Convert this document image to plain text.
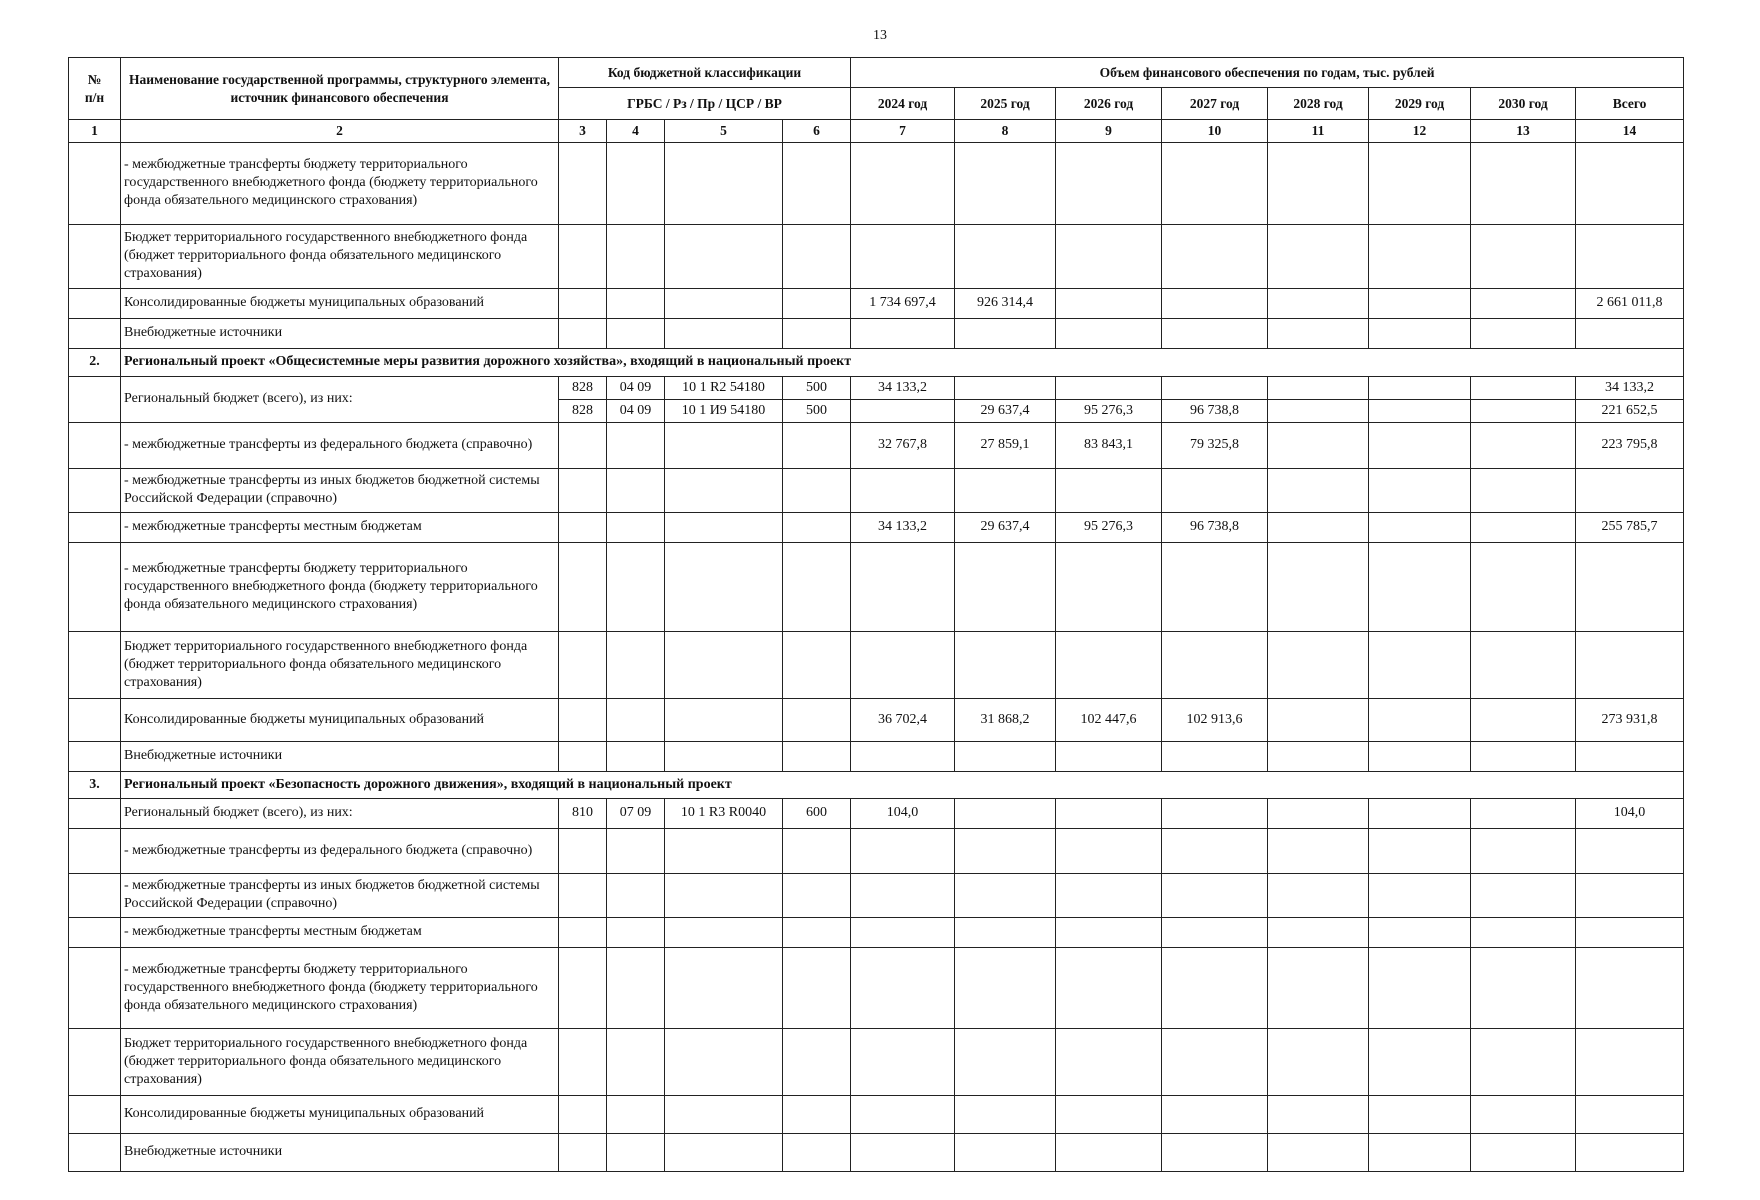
13
№
п/н	Наименование государственной программы, структурного элемента, источник финансового обеспечения	Код бюджетной классификации				Объем финансового обеспечения по годам, тыс. рублей							
		ГРБС / Рз / Пр / ЦСР / ВР				2024 год	2025 год	2026 год	2027 год	2028 год	2029 год	2030 год	Всего
1	2	3	4	5	6	7	8	9	10	11	12	13	14
	- межбюджетные трансферты бюджету территориального государственного внебюджетного фонда (бюджету территориального фонда обязательного медицинского страхования)												
	Бюджет территориального государственного внебюджетного фонда (бюджет территориального фонда обязательного медицинского страхования)												
	Консолидированные бюджеты муниципальных образований					1 734 697,4	926 314,4						2 661 011,8
	Внебюджетные источники												
2.	Региональный проект «Общесистемные меры развития дорожного хозяйства», входящий в национальный проект												
	Региональный бюджет (всего), из них:	828	04 09	10 1 R2 54180	500	34 133,2							34 133,2
		828	04 09	10 1 И9 54180	500		29 637,4	95 276,3	96 738,8				221 652,5
	- межбюджетные трансферты из федерального бюджета (справочно)					32 767,8	27 859,1	83 843,1	79 325,8				223 795,8
	- межбюджетные трансферты из иных бюджетов бюджетной системы Российской Федерации (справочно)												
	- межбюджетные трансферты местным бюджетам					34 133,2	29 637,4	95 276,3	96 738,8				255 785,7
	- межбюджетные трансферты бюджету территориального государственного внебюджетного фонда (бюджету территориального фонда обязательного медицинского страхования)												
	Бюджет территориального государственного внебюджетного фонда (бюджет территориального фонда обязательного медицинского страхования)												
	Консолидированные бюджеты муниципальных образований					36 702,4	31 868,2	102 447,6	102 913,6				273 931,8
	Внебюджетные источники												
3.	Региональный проект «Безопасность дорожного движения», входящий в национальный проект												
	Региональный бюджет (всего), из них:	810	07 09	10 1 R3 R0040	600	104,0							104,0
	- межбюджетные трансферты из федерального бюджета (справочно)												
	- межбюджетные трансферты из иных бюджетов бюджетной системы Российской Федерации (справочно)												
	- межбюджетные трансферты местным бюджетам												
	- межбюджетные трансферты бюджету территориального государственного внебюджетного фонда (бюджету территориального фонда обязательного медицинского страхования)												
	Бюджет территориального государственного внебюджетного фонда (бюджет территориального фонда обязательного медицинского страхования)												
	Консолидированные бюджеты муниципальных образований												
	Внебюджетные источники												
